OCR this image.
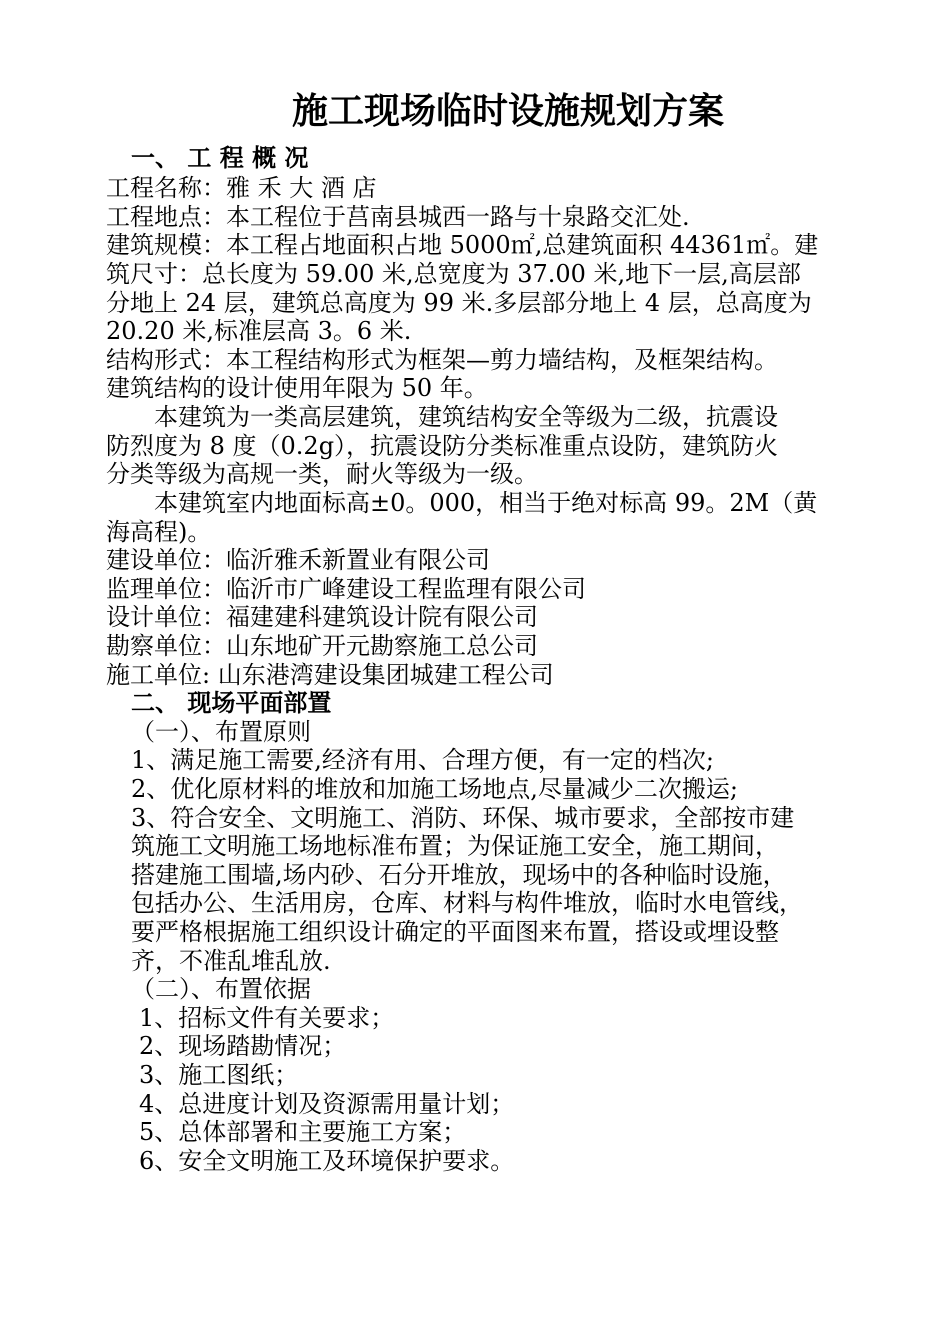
施工现场临时设施规划方案
一、 工 程 概 况
工程名称：雅 禾 大 酒 店
工程地点：本工程位于莒南县城西一路与十泉路交汇处.
建筑规模：本工程占地面积占地 5000㎡,总建筑面积 44361㎡。建
筑尺寸：总长度为 59.00 米,总宽度为 37.00 米,地下一层,高层部
分地上 24 层，建筑总高度为 99 米.多层部分地上 4 层，总高度为
20.20 米,标准层高 3。6 米.
结构形式：本工程结构形式为框架—剪力墙结构，及框架结构。
建筑结构的设计使用年限为 50 年。
本建筑为一类高层建筑，建筑结构安全等级为二级，抗震设
防烈度为 8 度（0.2g），抗震设防分类标准重点设防，建筑防火
分类等级为高规一类，耐火等级为一级。
本建筑室内地面标高±0。000，相当于绝对标高 99。2M（黄
海高程)。
建设单位：临沂雅禾新置业有限公司
监理单位：临沂市广峰建设工程监理有限公司
设计单位：福建建科建筑设计院有限公司
勘察单位：山东地矿开元勘察施工总公司
施工单位: 山东港湾建设集团城建工程公司
二、 现场平面部置
（一）、布置原则
1、满足施工需要,经济有用、合理方便，有一定的档次;
2、优化原材料的堆放和加施工场地点,尽量减少二次搬运;
3、符合安全、文明施工、消防、环保、城市要求，全部按市建
筑施工文明施工场地标准布置；为保证施工安全，施工期间，
搭建施工围墙,场内砂、石分开堆放，现场中的各种临时设施，
包括办公、生活用房，仓库、材料与构件堆放，临时水电管线，
要严格根据施工组织设计确定的平面图来布置，搭设或埋设整
齐，不准乱堆乱放.
（二）、布置依据
1、招标文件有关要求；
2、现场踏勘情况；
3、施工图纸；
4、总进度计划及资源需用量计划；
5、总体部署和主要施工方案；
6、安全文明施工及环境保护要求。
